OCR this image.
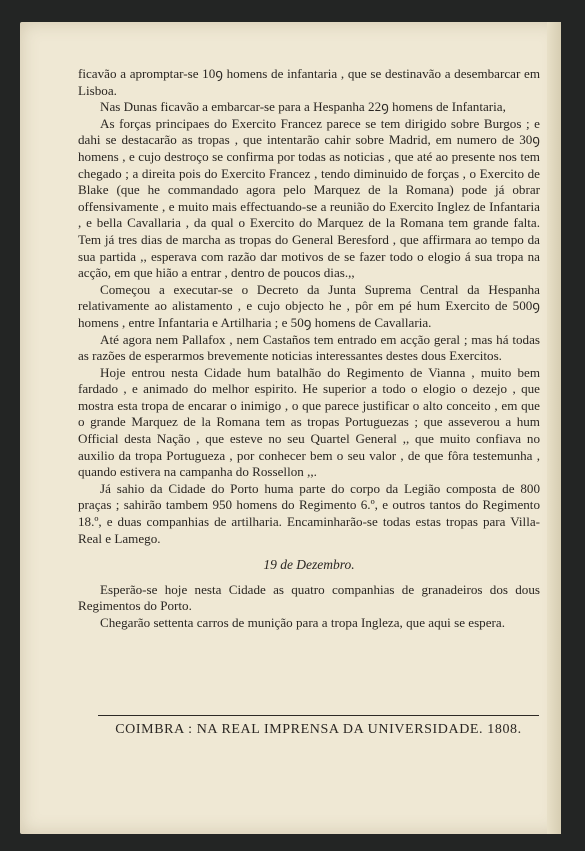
ficavão a apromptar-se 10ꝯ homens de infantaria , que se destinavão a desembarcar em Lisboa.

Nas Dunas ficavão a embarcar-se para a Hespanha 22ꝯ homens de Infantaria,

As forças principaes do Exercito Francez parece se tem dirigido sobre Burgos ; e dahi se destacarão as tropas , que intentarão cahir sobre Madrid, em numero de 30ꝯ homens , e cujo destroço se confirma por todas as noticias , que até ao presente nos tem chegado ; a direita pois do Exercito Francez , tendo diminuido de forças , o Exercito de Blake (que he commandado agora pelo Marquez de la Romana) pode já obrar offensivamente , e muito mais effectuando-se a reunião do Exercito Inglez de Infantaria , e bella Cavallaria , da qual o Exercito do Marquez de la Romana tem grande falta. Tem já tres dias de marcha as tropas do General Beresford , que affirmara ao tempo da sua partida ,, esperava com razão dar motivos de se fazer todo o elogio á sua tropa na acção, em que hião a entrar , dentro de poucos dias.,,

Começou a executar-se o Decreto da Junta Suprema Central da Hespanha relativamente ao alistamento , e cujo objecto he , pôr em pé hum Exercito de 500ꝯ homens , entre Infantaria e Artilharia ; e 50ꝯ homens de Cavallaria.

Até agora nem Pallafox , nem Castaños tem entrado em acção geral ; mas há todas as razões de esperarmos brevemente noticias interessantes destes dous Exercitos.

Hoje entrou nesta Cidade hum batalhão do Regimento de Vianna , muito bem fardado , e animado do melhor espirito. He superior a todo o elogio o dezejo , que mostra esta tropa de encarar o inimigo , o que parece justificar o alto conceito , em que o grande Marquez de la Romana tem as tropas Portuguezas ; que asseverou a hum Official desta Nação , que esteve no seu Quartel General ,, que muito confiava no auxilio da tropa Portugueza , por conhecer bem o seu valor , de que fôra testemunha , quando estivera na campanha do Rossellon ,,.

Já sahio da Cidade do Porto huma parte do corpo da Legião composta de 800 praças ; sahirão tambem 950 homens do Regimento 6.º, e outros tantos do Regimento 18.º, e duas companhias de artilharia. Encaminharão-se todas estas tropas para Villa-Real e Lamego.

19 de Dezembro.

Esperão-se hoje nesta Cidade as quatro companhias de granadeiros dos dous Regimentos do Porto.

Chegarão settenta carros de munição para a tropa Ingleza, que aqui se espera.

COIMBRA : NA REAL IMPRENSA DA UNIVERSIDADE. 1808.
